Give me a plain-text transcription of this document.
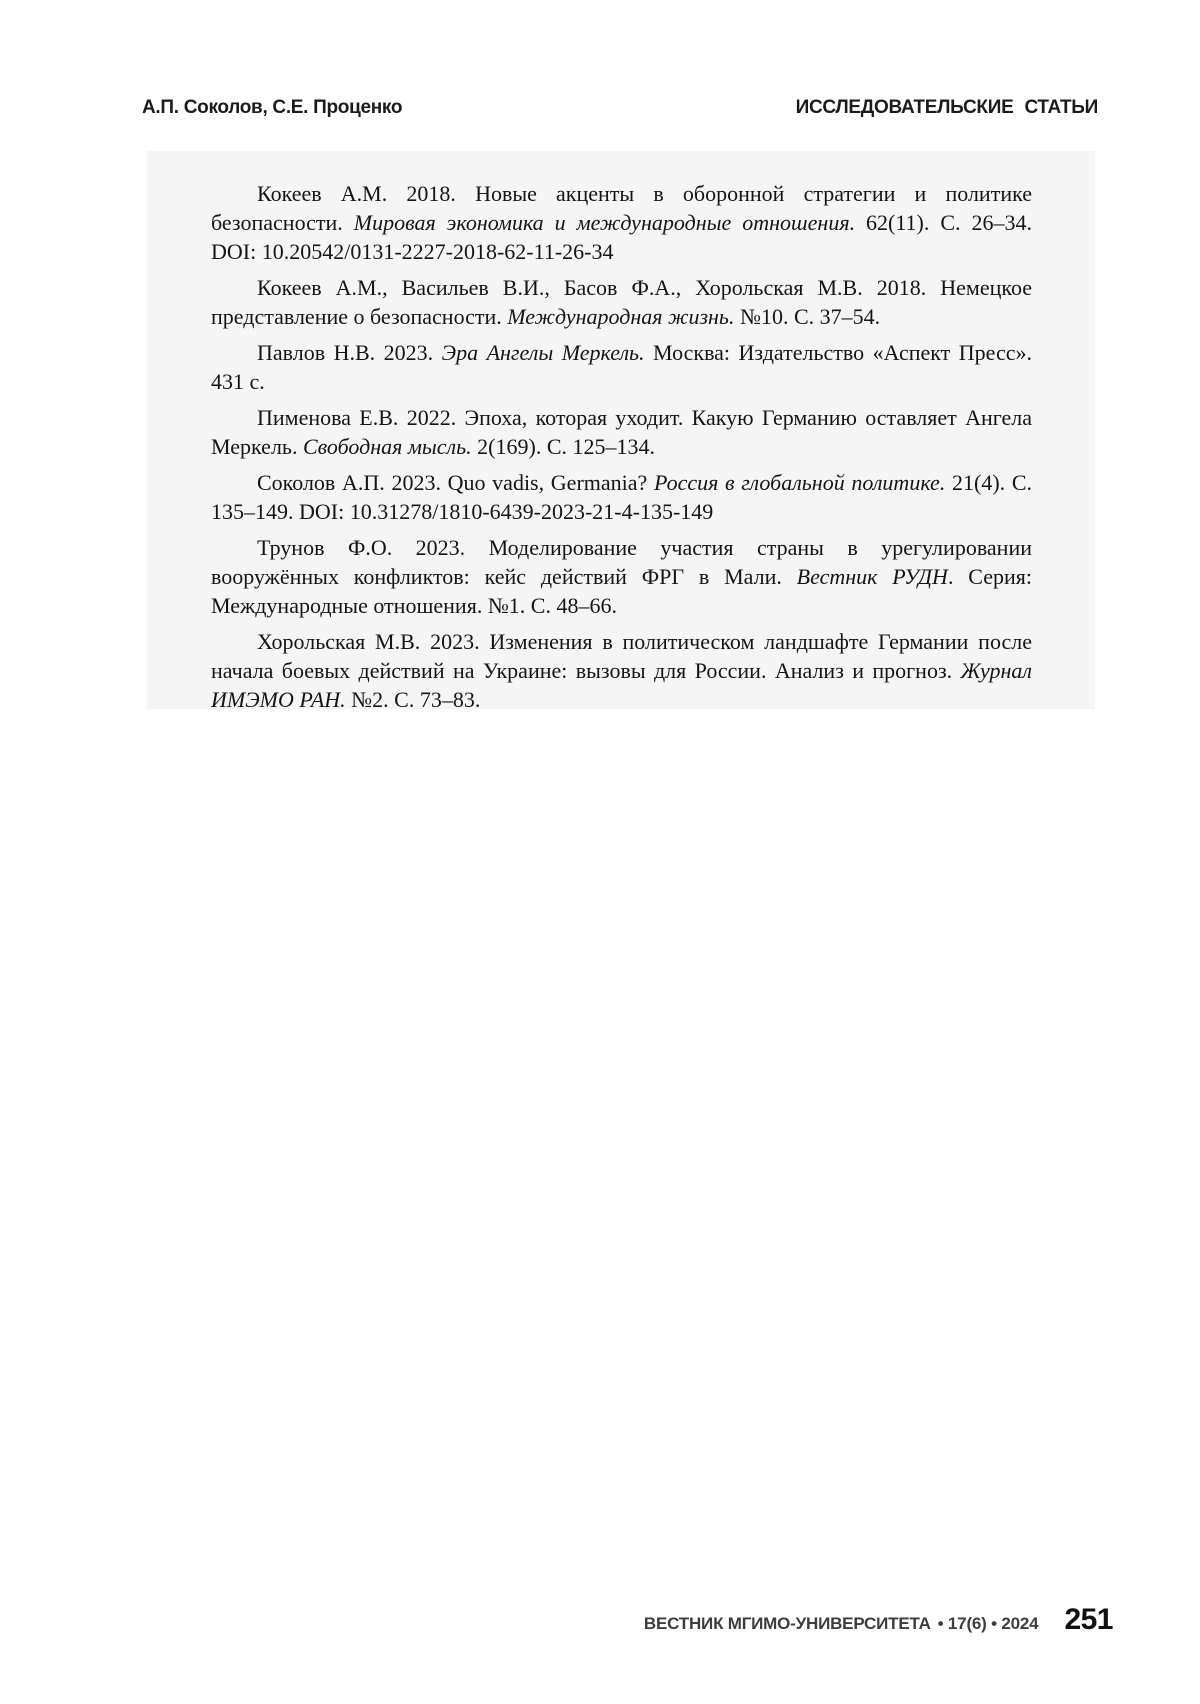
А.П. Соколов, С.Е. Проценко	ИССЛЕДОВАТЕЛЬСКИЕ СТАТЬИ

Кокеев А.М. 2018. Новые акценты в оборонной стратегии и политике безопасности. Мировая экономика и международные отношения. 62(11). С. 26–34. DOI: 10.20542/0131-2227-2018-62-11-26-34

Кокеев А.М., Васильев В.И., Басов Ф.А., Хорольская М.В. 2018. Немецкое представление о безопасности. Международная жизнь. №10. С. 37–54.

Павлов Н.В. 2023. Эра Ангелы Меркель. Москва: Издательство «Аспект Пресс». 431 с.

Пименова Е.В. 2022. Эпоха, которая уходит. Какую Германию оставляет Ангела Меркель. Свободная мысль. 2(169). С. 125–134.

Соколов А.П. 2023. Quo vadis, Germania? Россия в глобальной политике. 21(4). С. 135–149. DOI: 10.31278/1810-6439-2023-21-4-135-149

Трунов Ф.О. 2023. Моделирование участия страны в урегулировании вооружённых конфликтов: кейс действий ФРГ в Мали. Вестник РУДН. Серия: Международные отношения. №1. С. 48–66.

Хорольская М.В. 2023. Изменения в политическом ландшафте Германии после начала боевых действий на Украине: вызовы для России. Анализ и прогноз. Журнал ИМЭМО РАН. №2. С. 73–83.

ВЕСТНИК МГИМО-УНИВЕРСИТЕТА • 17(6) • 2024 251
